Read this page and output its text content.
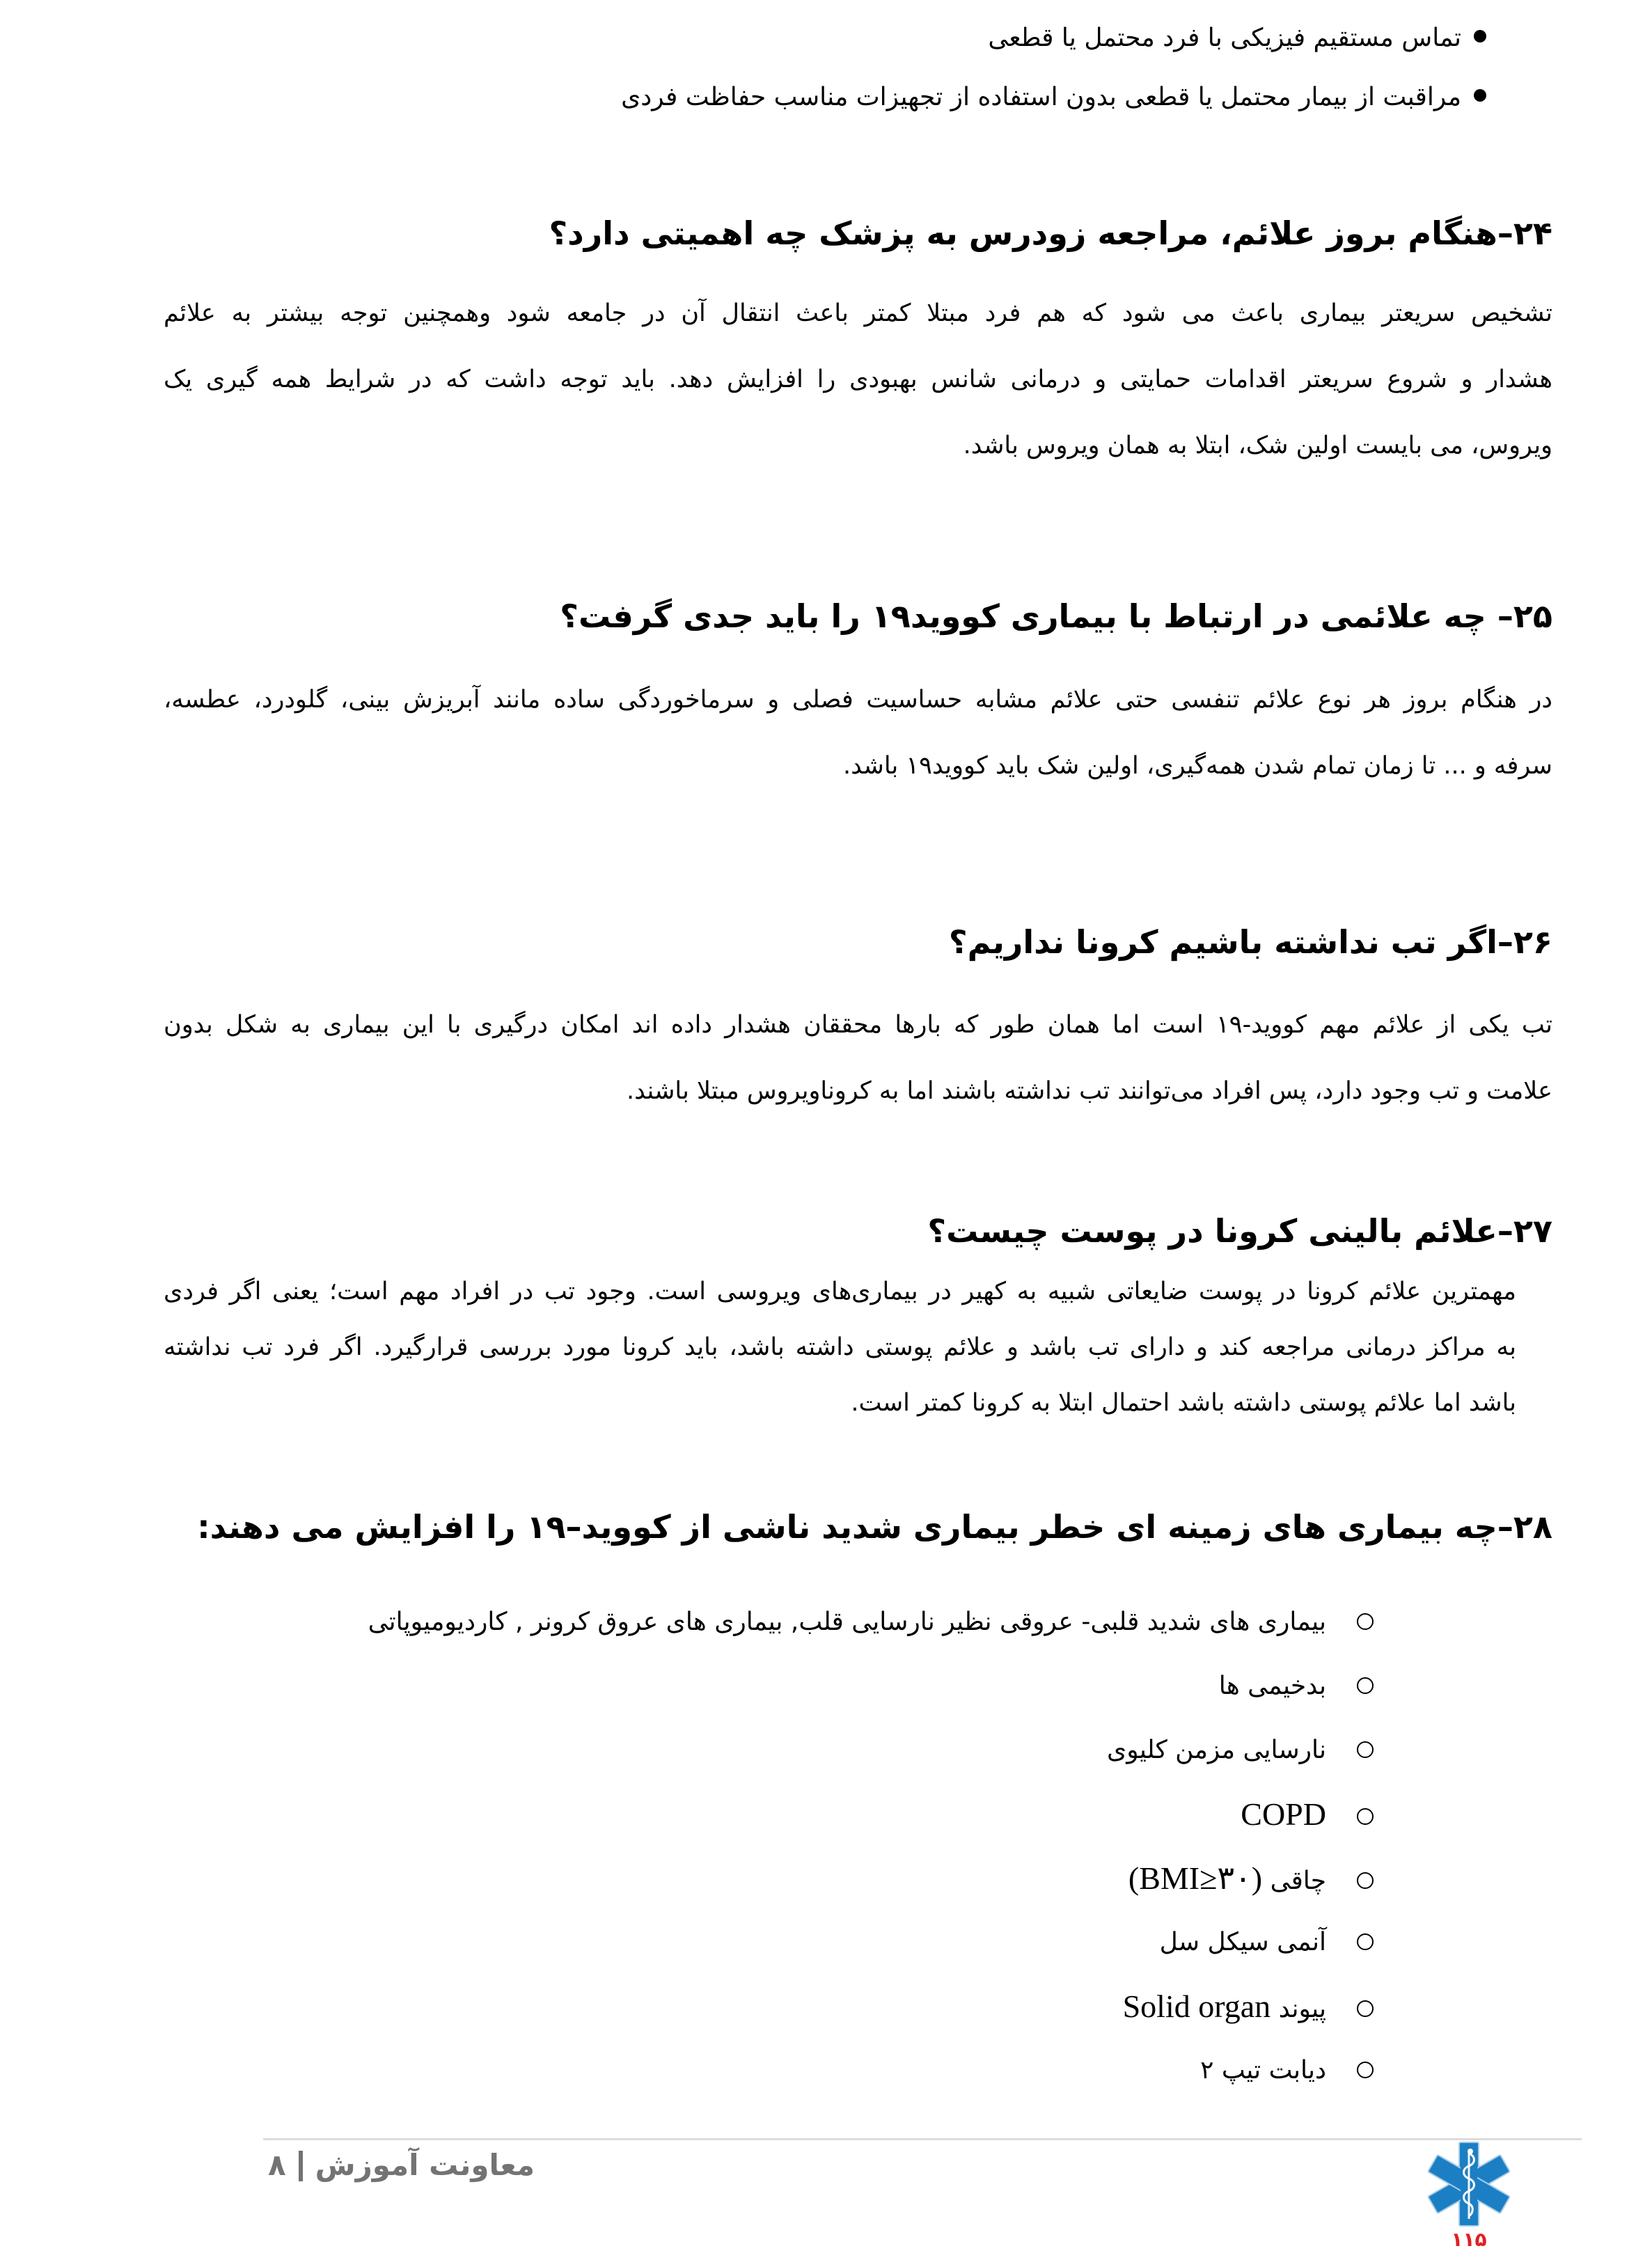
تماس مستقیم فیزیکی با فرد محتمل یا قطعی
مراقبت از بیمار محتمل یا قطعی بدون استفاده از تجهیزات مناسب حفاظت فردی
۲۴–هنگام بروز علائم، مراجعه زودرس به پزشک چه اهمیتی دارد؟
تشخیص سریعتر بیماری باعث می شود که هم فرد مبتلا کمتر باعث انتقال آن در جامعه شود وهمچنین توجه بیشتر به علائم
هشدار و شروع سریعتر اقدامات حمایتی و درمانی شانس بهبودی را افزایش دهد. باید توجه داشت که در شرایط همه گیری یک
ویروس، می بایست اولین شک، ابتلا به همان ویروس باشد.
۲۵– چه علائمی در ارتباط با بیماری کووید۱۹ را باید جدی گرفت؟
در هنگام بروز هر نوع علائم تنفسی حتی علائم مشابه حساسیت فصلی و سرماخوردگی ساده مانند آبریزش بینی، گلودرد، عطسه،
سرفه و ... تا زمان تمام شدن همه‌گیری، اولین شک باید کووید۱۹ باشد.
۲۶–اگر تب نداشته باشیم کرونا نداریم؟
تب یکی از علائم مهم کووید-۱۹ است اما همان طور که بارها محققان هشدار داده اند امکان درگیری با این بیماری به شکل بدون
علامت و تب وجود دارد، پس افراد می‌توانند تب نداشته باشند اما به کروناویروس مبتلا باشند.
۲۷–علائم بالینی کرونا در پوست چیست؟
مهمترین علائم کرونا در پوست ضایعاتی شبیه به کهیر در بیماری‌های ویروسی است. وجود تب در افراد مهم است؛ یعنی اگر فردی
به مراکز درمانی مراجعه کند و دارای تب باشد و علائم پوستی داشته باشد، باید کرونا مورد بررسی قرارگیرد. اگر فرد تب نداشته
باشد اما علائم پوستی داشته باشد احتمال ابتلا به کرونا کمتر است.
۲۸–چه بیماری های زمینه ای خطر بیماری شدید ناشی از کووید–۱۹ را افزایش می دهند:
بیماری های شدید قلبی- عروقی نظیر نارسایی قلب, بیماری های عروق کرونر , کاردیومیوپاتی
بدخیمی ها
نارسایی مزمن کلیوی
COPD
چاقی (BMI≥۳۰)
آنمی سیکل سل
پیوند Solid organ
دیابت تیپ ۲
معاونت آموزش۸
۱۱۵
